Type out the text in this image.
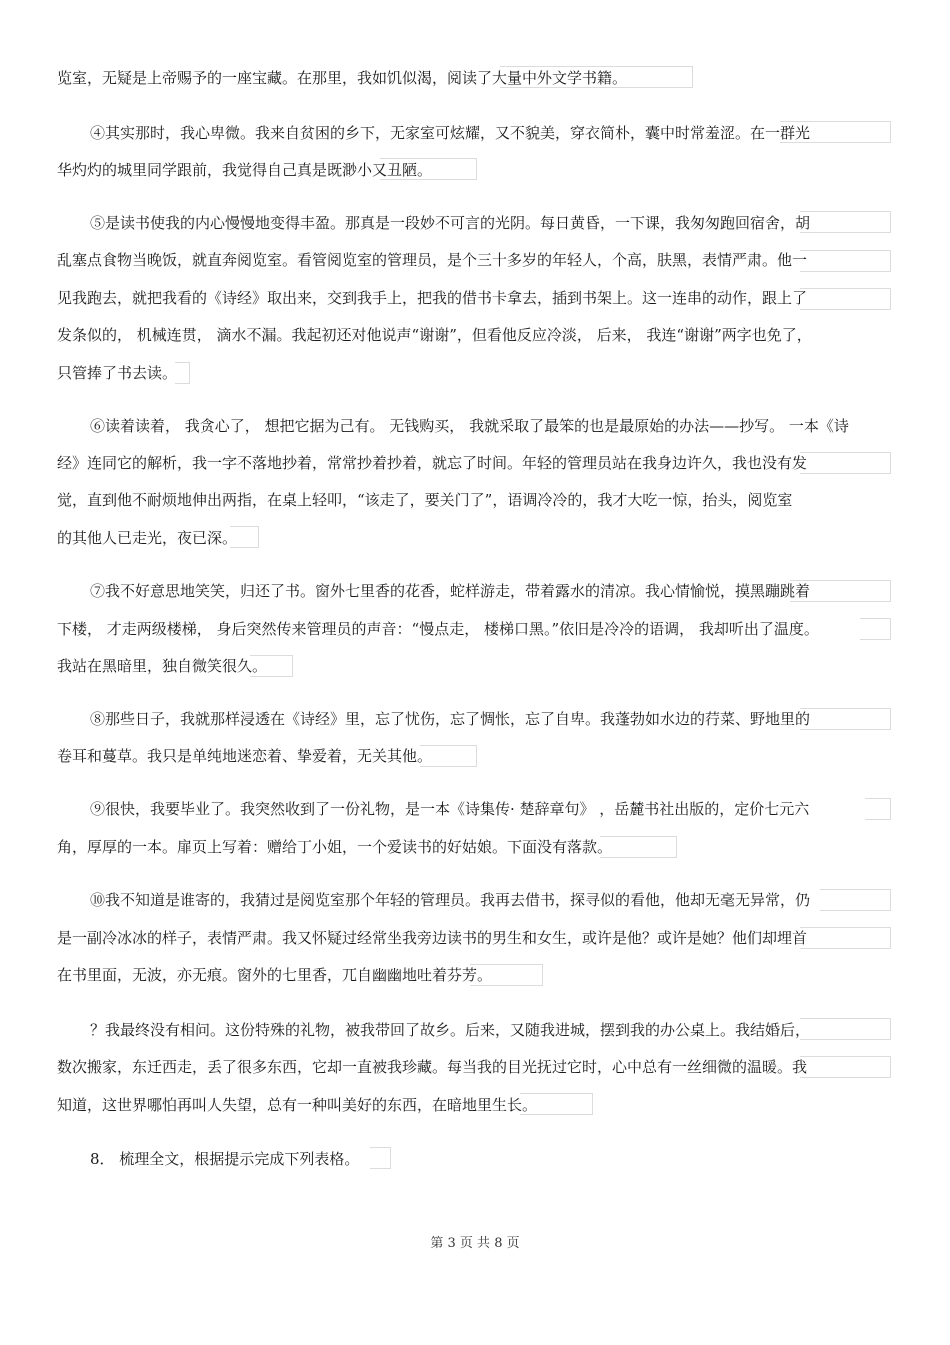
览室，无疑是上帝赐予的一座宝藏。在那里，我如饥似渴，阅读了大量中外文学书籍。
④其实那时，我心卑微。我来自贫困的乡下，无家室可炫耀，又不貌美，穿衣简朴，囊中时常羞涩。在一群光
华灼灼的城里同学跟前，我觉得自己真是既渺小又丑陋。
⑤是读书使我的内心慢慢地变得丰盈。那真是一段妙不可言的光阴。每日黄昏，一下课，我匆匆跑回宿舍，胡
乱塞点食物当晚饭，就直奔阅览室。看管阅览室的管理员，是个三十多岁的年轻人，个高，肤黑，表情严肃。他一
见我跑去，就把我看的《诗经》取出来，交到我手上，把我的借书卡拿去，插到书架上。这一连串的动作，跟上了
发条似的， 机械连贯， 滴水不漏。我起初还对他说声“谢谢”，但看他反应冷淡， 后来， 我连“谢谢”两字也免了，
只管捧了书去读。
⑥读着读着， 我贪心了， 想把它据为己有。 无钱购买， 我就采取了最笨的也是最原始的办法——抄写。 一本《诗
经》连同它的解析，我一字不落地抄着，常常抄着抄着，就忘了时间。年轻的管理员站在我身边许久，我也没有发
觉，直到他不耐烦地伸出两指，在桌上轻叩，“该走了，要关门了”，语调冷冷的，我才大吃一惊，抬头，阅览室
的其他人已走光，夜已深。
⑦我不好意思地笑笑，归还了书。窗外七里香的花香，蛇样游走，带着露水的清凉。我心情愉悦，摸黑蹦跳着
下楼， 才走两级楼梯， 身后突然传来管理员的声音：“慢点走， 楼梯口黑。”依旧是冷冷的语调， 我却听出了温度。
我站在黑暗里，独自微笑很久。
⑧那些日子，我就那样浸透在《诗经》里，忘了忧伤，忘了惆怅，忘了自卑。我蓬勃如水边的荇菜、野地里的
卷耳和蔓草。我只是单纯地迷恋着、挚爱着，无关其他。
⑨很快，我要毕业了。我突然收到了一份礼物，是一本《诗集传· 楚辞章句》 ，岳麓书社出版的，定价七元六
角，厚厚的一本。扉页上写着：赠给丁小姐，一个爱读书的好姑娘。下面没有落款。
⑩我不知道是谁寄的，我猜过是阅览室那个年轻的管理员。我再去借书，探寻似的看他，他却无毫无异常，仍
是一副冷冰冰的样子，表情严肃。我又怀疑过经常坐我旁边读书的男生和女生，或许是他？或许是她？他们却埋首
在书里面，无波，亦无痕。窗外的七里香，兀自幽幽地吐着芬芳。
？我最终没有相问。这份特殊的礼物，被我带回了故乡。后来，又随我进城，摆到我的办公桌上。我结婚后，
数次搬家，东迁西走，丢了很多东西，它却一直被我珍藏。每当我的目光抚过它时，心中总有一丝细微的温暖。我
知道，这世界哪怕再叫人失望，总有一种叫美好的东西，在暗地里生长。
8． 梳理全文，根据提示完成下列表格。
第 3 页 共 8 页
